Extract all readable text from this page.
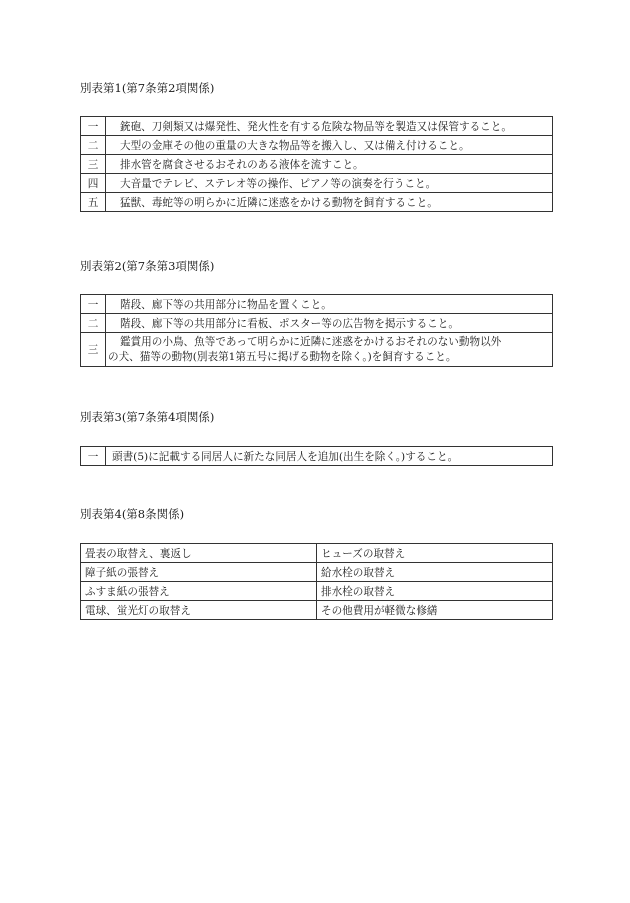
別表第1(第7条第2項関係)
一	銃砲、刀剣類又は爆発性、発火性を有する危険な物品等を製造又は保管すること。
二	大型の金庫その他の重量の大きな物品等を搬入し、又は備え付けること。
三	排水管を腐食させるおそれのある液体を流すこと。
四	大音量でテレビ、ステレオ等の操作、ピアノ等の演奏を行うこと。
五	猛獣、毒蛇等の明らかに近隣に迷惑をかける動物を飼育すること。
別表第2(第7条第3項関係)
一	階段、廊下等の共用部分に物品を置くこと。
二	階段、廊下等の共用部分に看板、ポスター等の広告物を掲示すること。
三	鑑賞用の小鳥、魚等であって明らかに近隣に迷惑をかけるおそれのない動物以外
の犬、猫等の動物(別表第1第五号に掲げる動物を除く。)を飼育すること。
別表第3(第7条第4項関係)
一	頭書(5)に記載する同居人に新たな同居人を追加(出生を除く。)すること。
別表第4(第8条関係)
畳表の取替え、裏返し	ヒューズの取替え
障子紙の張替え	給水栓の取替え
ふすま紙の張替え	排水栓の取替え
電球、蛍光灯の取替え	その他費用が軽微な修繕
